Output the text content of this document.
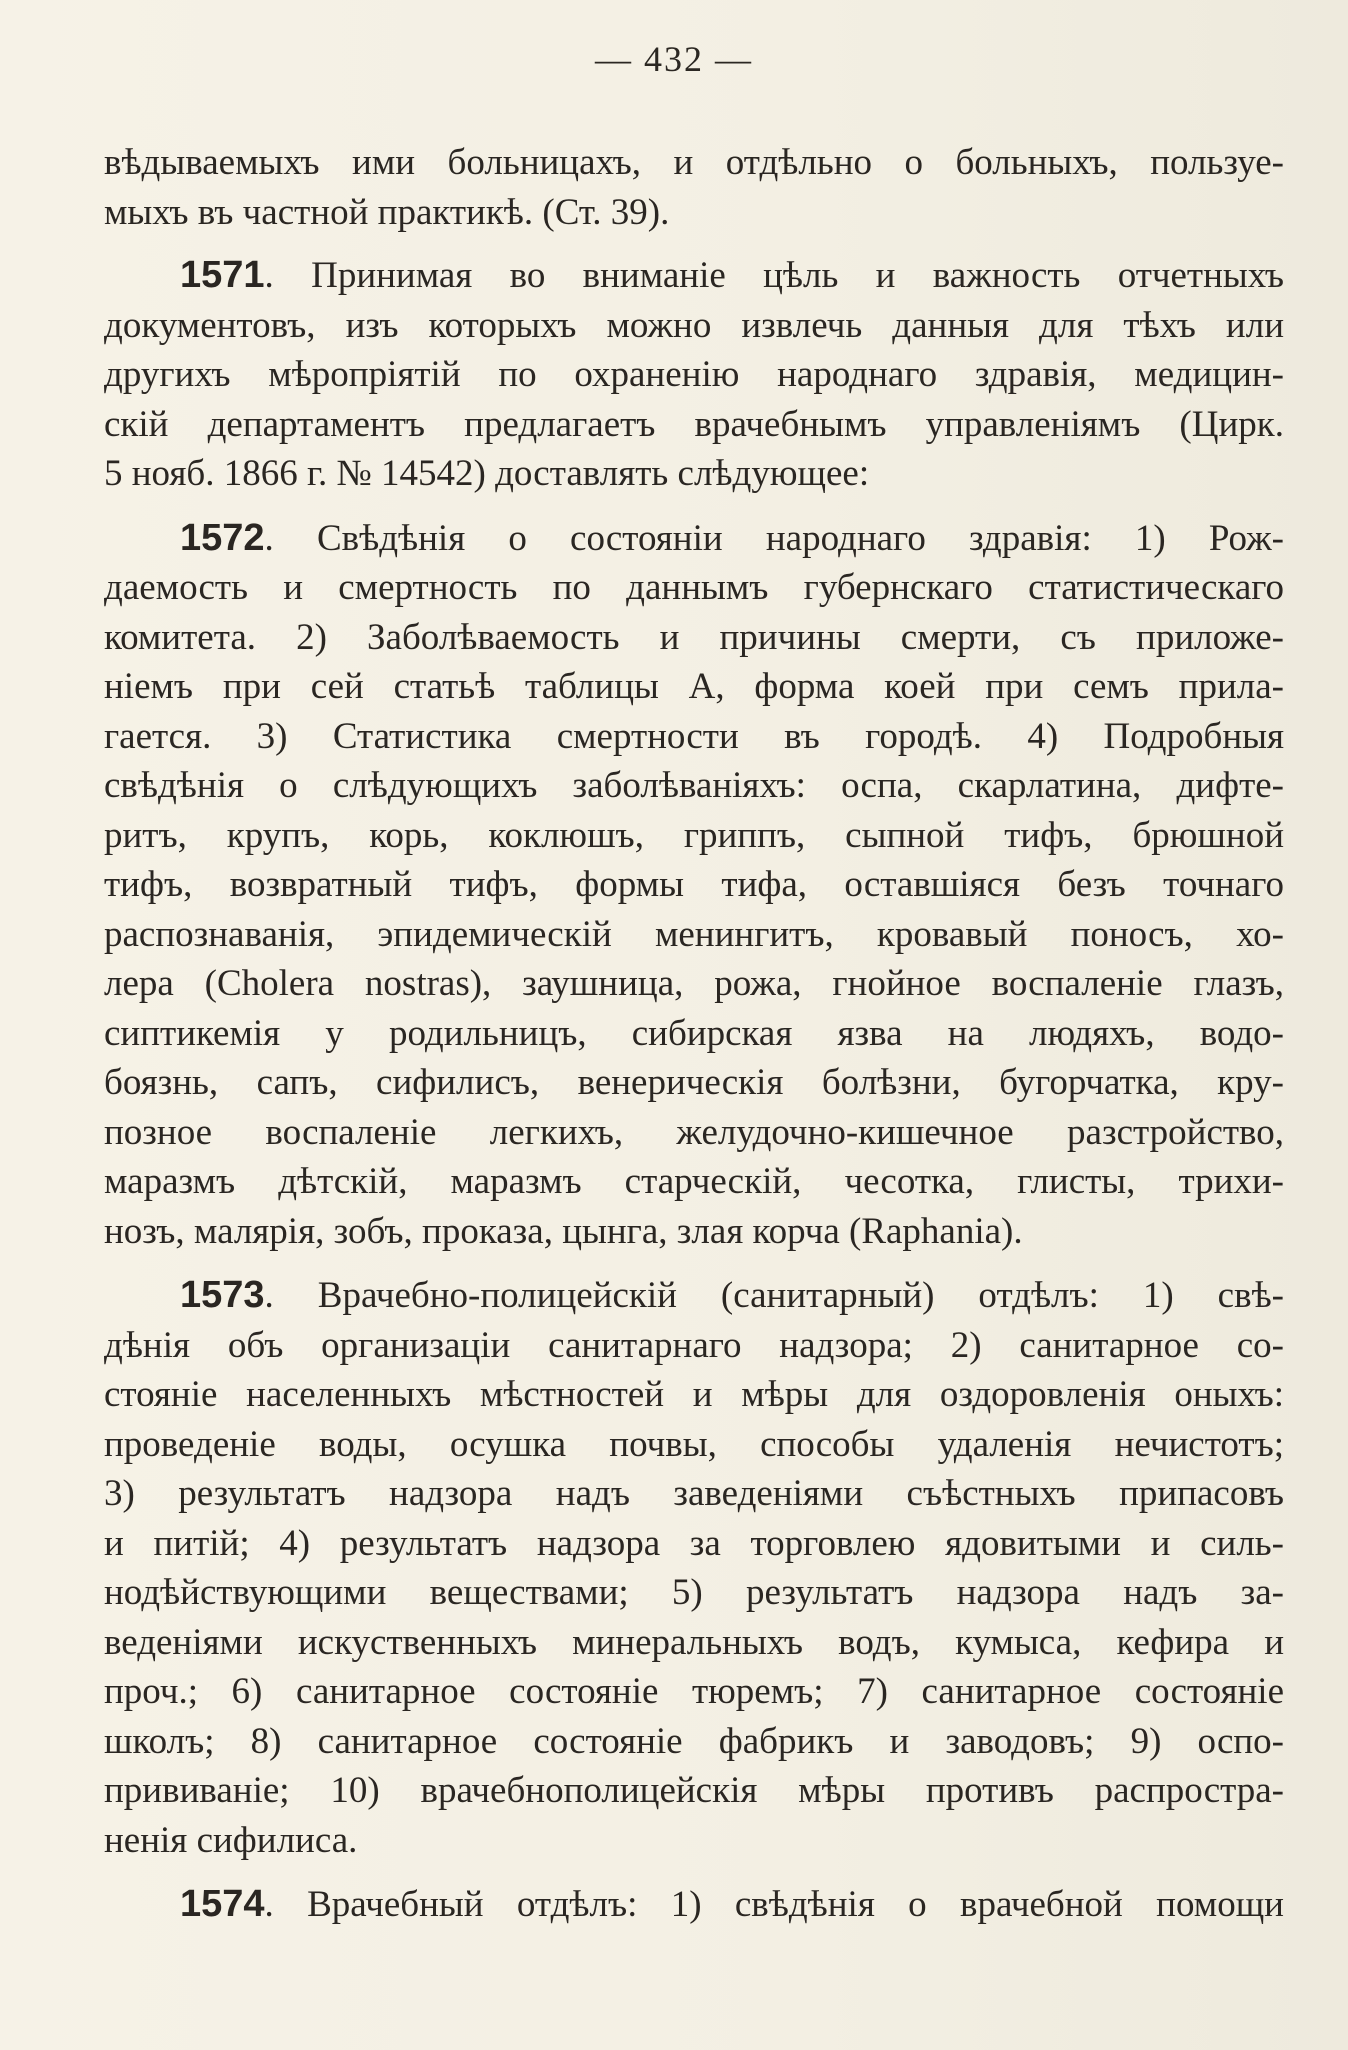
— 432 —
вѣдываемыхъ ими больницахъ, и отдѣльно о больныхъ, пользуе-
мыхъ въ частной практикѣ. (Ст. 39).
1571. Принимая во вниманіе цѣль и важность отчетныхъ
документовъ, изъ которыхъ можно извлечь данныя для тѣхъ или
другихъ мѣропріятій по охраненію народнаго здравія, медицин-
скій департаментъ предлагаетъ врачебнымъ управленіямъ (Цирк.
5 нояб. 1866 г. № 14542) доставлять слѣдующее:
1572. Свѣдѣнія о состояніи народнаго здравія: 1) Рож-
даемость и смертность по даннымъ губернскаго статистическаго
комитета. 2) Заболѣваемость и причины смерти, съ приложе-
ніемъ при сей статьѣ таблицы А, форма коей при семъ прила-
гается. 3) Статистика смертности въ городѣ. 4) Подробныя
свѣдѣнія о слѣдующихъ заболѣваніяхъ: оспа, скарлатина, дифте-
ритъ, крупъ, корь, коклюшъ, гриппъ, сыпной тифъ, брюшной
тифъ, возвратный тифъ, формы тифа, оставшіяся безъ точнаго
распознаванія, эпидемическій менингитъ, кровавый поносъ, хо-
лера (Cholera nostras), заушница, рожа, гнойное воспаленіе глазъ,
сиптикемія у родильницъ, сибирская язва на людяхъ, водо-
боязнь, сапъ, сифилисъ, венерическія болѣзни, бугорчатка, кру-
позное воспаленіе легкихъ, желудочно-кишечное разстройство,
маразмъ дѣтскій, маразмъ старческій, чесотка, глисты, трихи-
нозъ, малярія, зобъ, проказа, цынга, злая корча (Raphania).
1573. Врачебно-полицейскій (санитарный) отдѣлъ: 1) свѣ-
дѣнія объ организаціи санитарнаго надзора; 2) санитарное со-
стояніе населенныхъ мѣстностей и мѣры для оздоровленія оныхъ:
проведеніе воды, осушка почвы, способы удаленія нечистотъ;
3) результатъ надзора надъ заведеніями съѣстныхъ припасовъ
и питій; 4) результатъ надзора за торговлею ядовитыми и силь-
нодѣйствующими веществами; 5) результатъ надзора надъ за-
веденіями искуственныхъ минеральныхъ водъ, кумыса, кефира и
проч.; 6) санитарное состояніе тюремъ; 7) санитарное состояніе
школъ; 8) санитарное состояніе фабрикъ и заводовъ; 9) оспо-
прививаніе; 10) врачебнополицейскія мѣры противъ распростра-
ненія сифилиса.
1574. Врачебный отдѣлъ: 1) свѣдѣнія о врачебной помощи
